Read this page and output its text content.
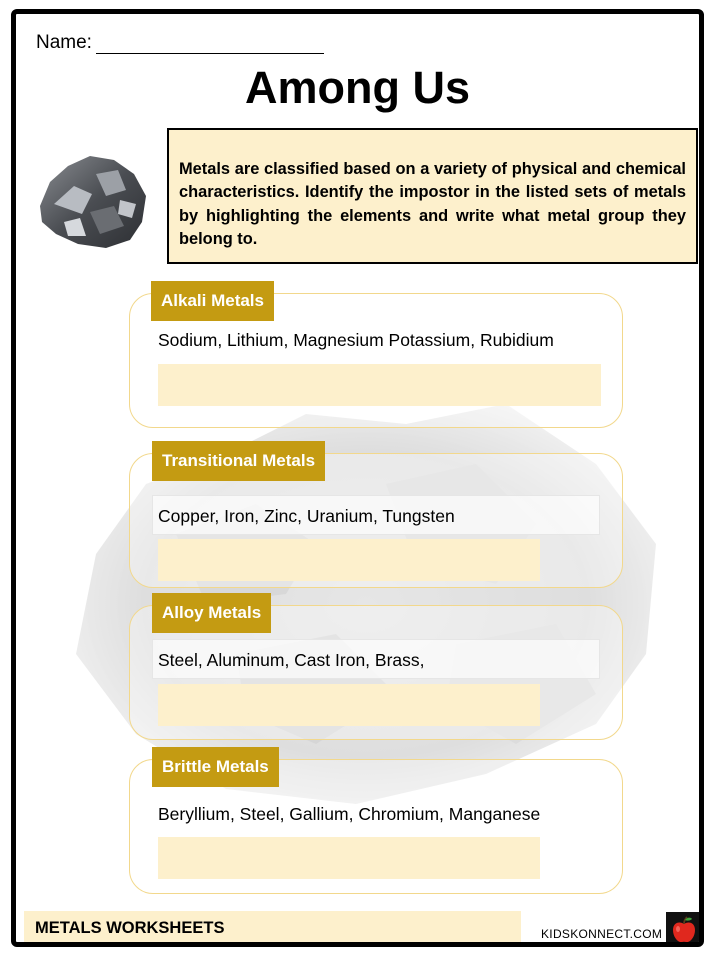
Name:
Among Us
Metals are classified based on a variety of physical and chemical characteristics. Identify the impostor in the listed sets of metals by highlighting the elements and write what metal group they belong to.
Alkali Metals
Sodium, Lithium, Magnesium Potassium, Rubidium
Transitional Metals
Copper, Iron, Zinc, Uranium, Tungsten
Alloy Metals
Steel, Aluminum, Cast Iron, Brass,
Brittle Metals
Beryllium, Steel, Gallium, Chromium, Manganese
METALS WORKSHEETS	KIDSKONNECT.COM
